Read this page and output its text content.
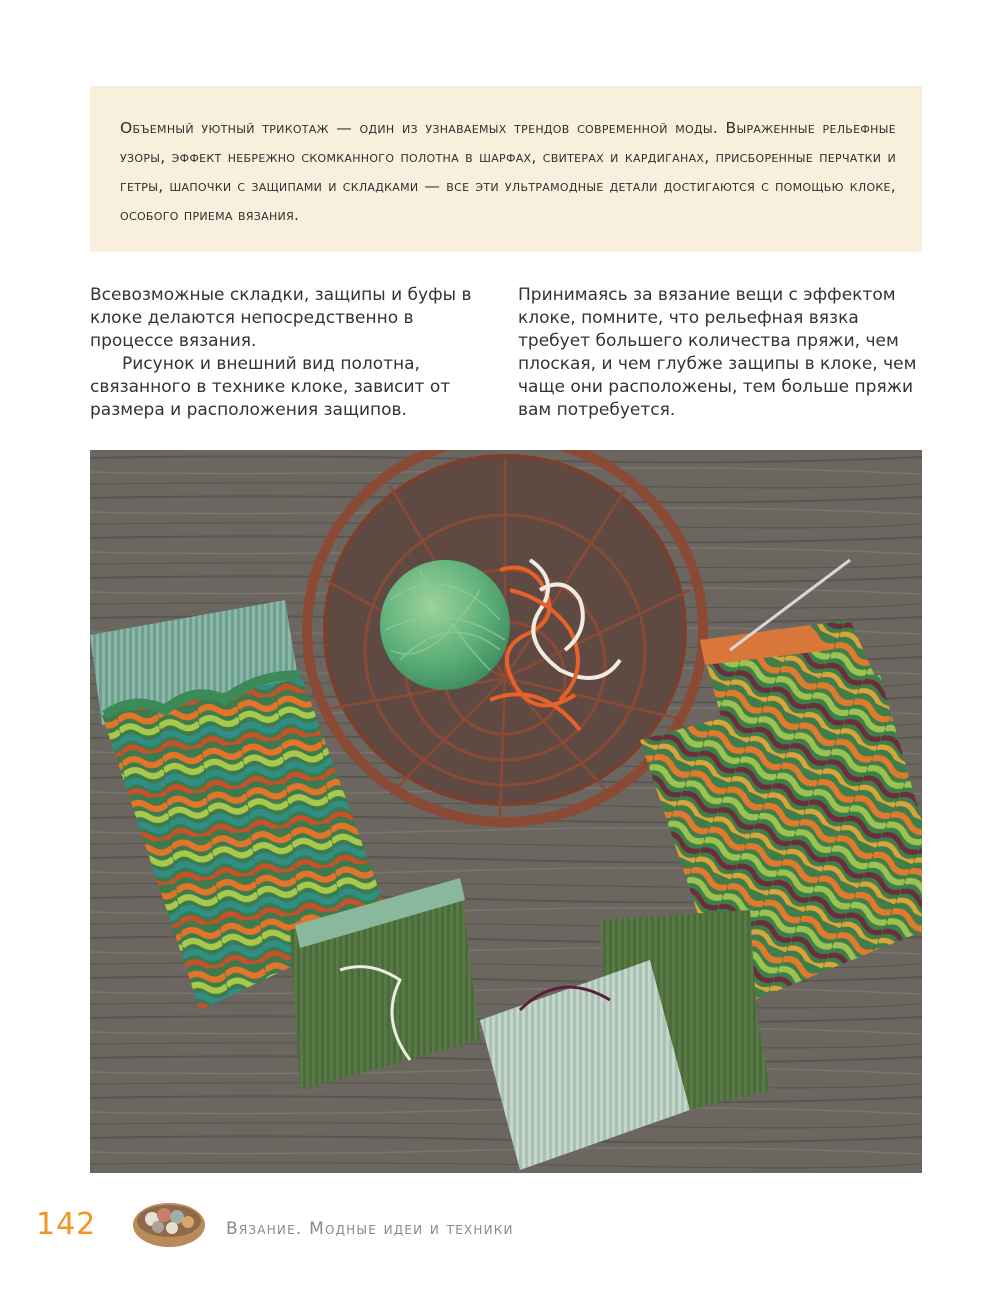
Объемный уютный трикотаж — один из узнаваемых трендов современной моды. Выраженные рельефные узоры, эффект небрежно скомканного полотна в шарфах, свитерах и кардиганах, присборенные перчатки и гетры, шапочки с защипами и складками — все эти ультрамодные детали достигаются с помощью клоке, особого приема вязания.

Всевозможные складки, защипы и буфы в клоке делаются непосредственно в процессе вязания.

Рисунок и внешний вид полотна, связанного в технике клоке, зависит от размера и расположения защипов.

Принимаясь за вязание вещи с эффектом клоке, помните, что рельефная вязка требует большего количества пряжи, чем плоская, и чем глубже защипы в клоке, чем чаще они расположены, тем больше пряжи вам потребуется.

142	Вязание. Модные идеи и техники
